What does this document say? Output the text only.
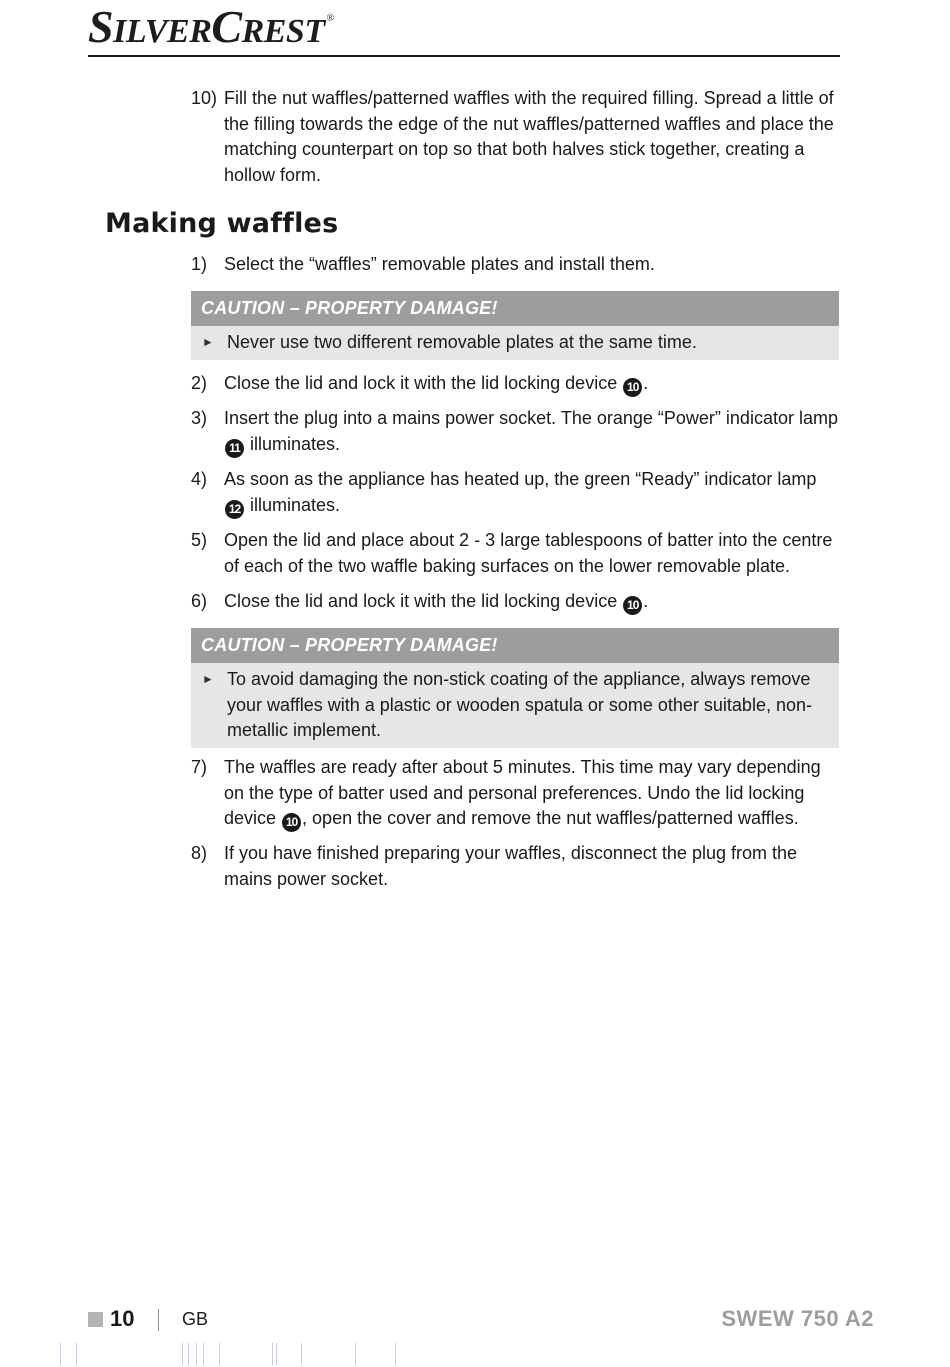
SILVERCREST ®
10) Fill the nut waffles/patterned waffles with the required filling. Spread a little of the filling towards the edge of the nut waffles/patterned waffles and place the matching counterpart on top so that both halves stick together, creating a hollow form.
Making waffles
1) Select the “waffles” removable plates and install them.
CAUTION – PROPERTY DAMAGE!
► Never use two different removable plates at the same time.
2) Close the lid and lock it with the lid locking device 10 .
3) Insert the plug into a mains power socket. The orange “Power” indicator lamp 11 illuminates.
4) As soon as the appliance has heated up, the green “Ready” indicator lamp 12 illuminates.
5) Open the lid and place about 2 - 3 large tablespoons of batter into the centre of each of the two waffle baking surfaces on the lower removable plate.
6) Close the lid and lock it with the lid locking device 10 .
CAUTION – PROPERTY DAMAGE!
► To avoid damaging the non-stick coating of the appliance, always remove your waffles with a plastic or wooden spatula or some other suitable, non-metallic implement.
7) The waffles are ready after about 5 minutes. This time may vary depending on the type of batter used and personal preferences. Undo the lid locking device 10 , open the cover and remove the nut waffles/patterned waffles.
8) If you have finished preparing your waffles, disconnect the plug from the mains power socket.
10	GB	SWEW 750 A2
